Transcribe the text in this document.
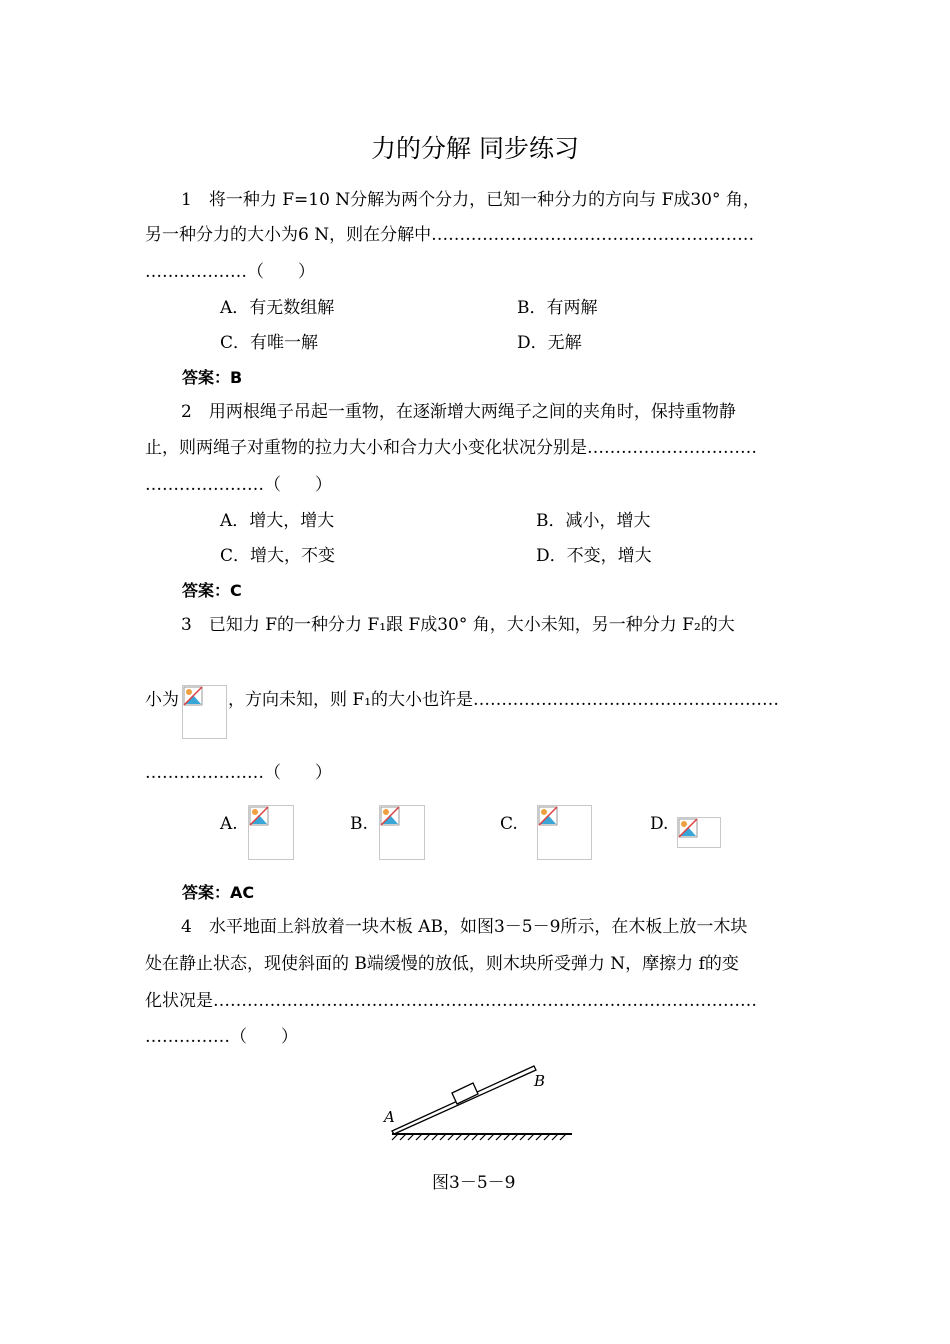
力的分解 同步练习
1　将一种力 F=10 N分解为两个分力，已知一种分力的方向与 F成30° 角，
另一种分力的大小为6 N，则在分解中…………………………………………………
………………（　　）
A．有无数组解	B．有两解
C．有唯一解	D．无解
答案：B
2　用两根绳子吊起一重物，在逐渐增大两绳子之间的夹角时，保持重物静
止，则两绳子对重物的拉力大小和合力大小变化状况分别是…………………………
…………………（　　）
A．增大，增大	B．减小，增大
C．增大，不变	D．不变，增大
答案：C
3　已知力 F的一种分力 F₁跟 F成30° 角，大小未知，另一种分力 F₂的大
小为	，方向未知，则 F₁的大小也许是………………………………………………
…………………（　　）
A.	B.	C.	D.
答案：AC
4　水平地面上斜放着一块木板 AB，如图3－5－9所示，在木板上放一木块
处在静止状态，现使斜面的 B端缓慢的放低，则木块所受弹力 N，摩擦力 f的变
化状况是……………………………………………………………………………………
……………（　　）
A
B
图3－5－9
